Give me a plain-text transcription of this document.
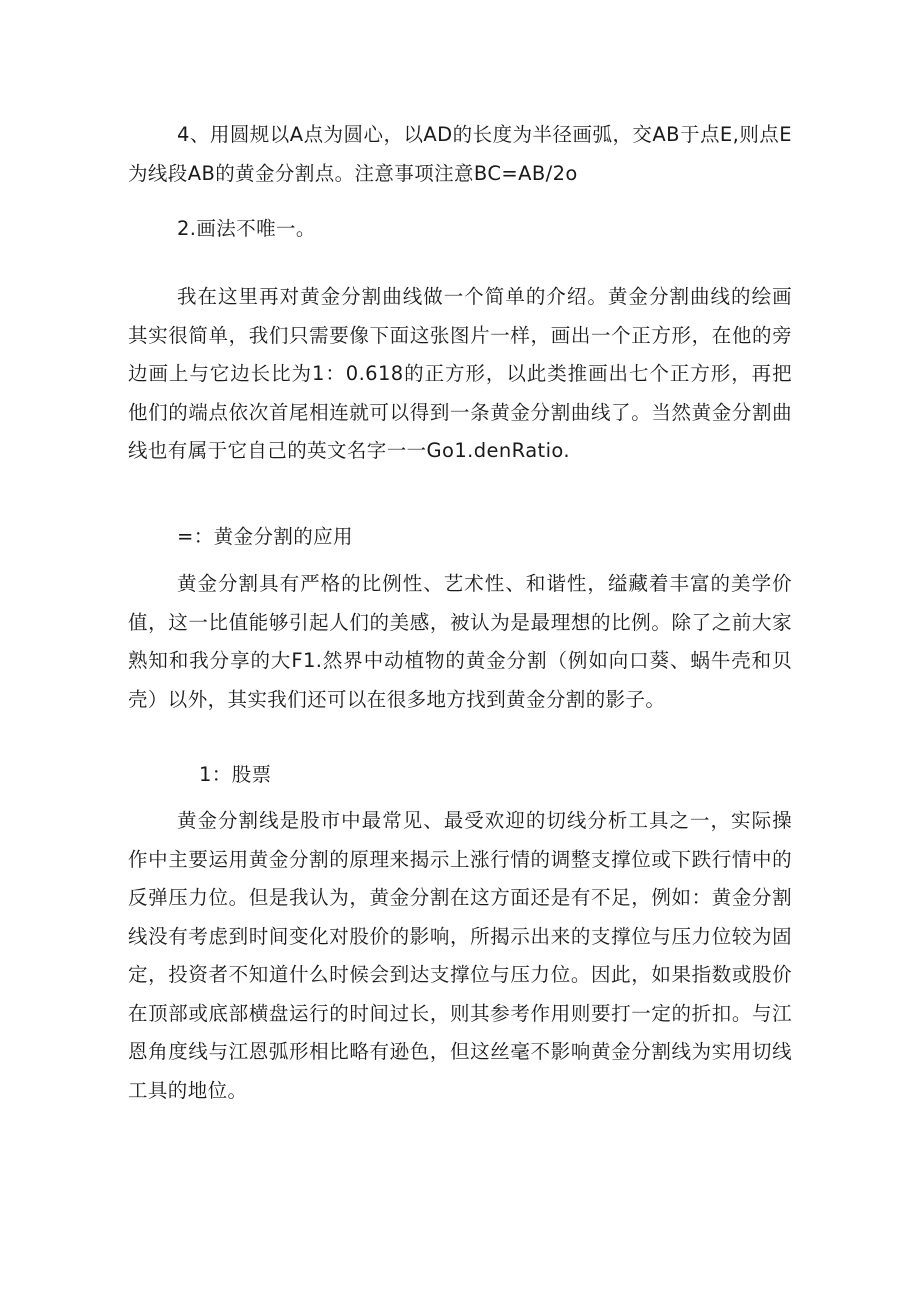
4、用圆规以A点为圆心，以AD的长度为半径画弧，交AB于点E,则点E为线段AB的黄金分割点。注意事项注意BC=AB/2o

2.画法不唯一。

我在这里再对黄金分割曲线做一个简单的介绍。黄金分割曲线的绘画其实很简单，我们只需要像下面这张图片一样，画出一个正方形，在他的旁边画上与它边长比为1：0.618的正方形，以此类推画出七个正方形，再把他们的端点依次首尾相连就可以得到一条黄金分割曲线了。当然黄金分割曲线也有属于它自己的英文名字一一Go1.denRatio.

=：黄金分割的应用

黄金分割具有严格的比例性、艺术性、和谐性，缢藏着丰富的美学价值，这一比值能够引起人们的美感，被认为是最理想的比例。除了之前大家熟知和我分享的大F1.然界中动植物的黄金分割（例如向口葵、蜗牛壳和贝壳）以外，其实我们还可以在很多地方找到黄金分割的影子。

1：股票

黄金分割线是股市中最常见、最受欢迎的切线分析工具之一，实际操作中主要运用黄金分割的原理来揭示上涨行情的调整支撑位或下跌行情中的反弹压力位。但是我认为，黄金分割在这方面还是有不足，例如：黄金分割线没有考虑到时间变化对股价的影响，所揭示出来的支撑位与压力位较为固定，投资者不知道什么时候会到达支撑位与压力位。因此，如果指数或股价在顶部或底部横盘运行的时间过长，则其参考作用则要打一定的折扣。与江恩角度线与江恩弧形相比略有逊色，但这丝毫不影响黄金分割线为实用切线工具的地位。
